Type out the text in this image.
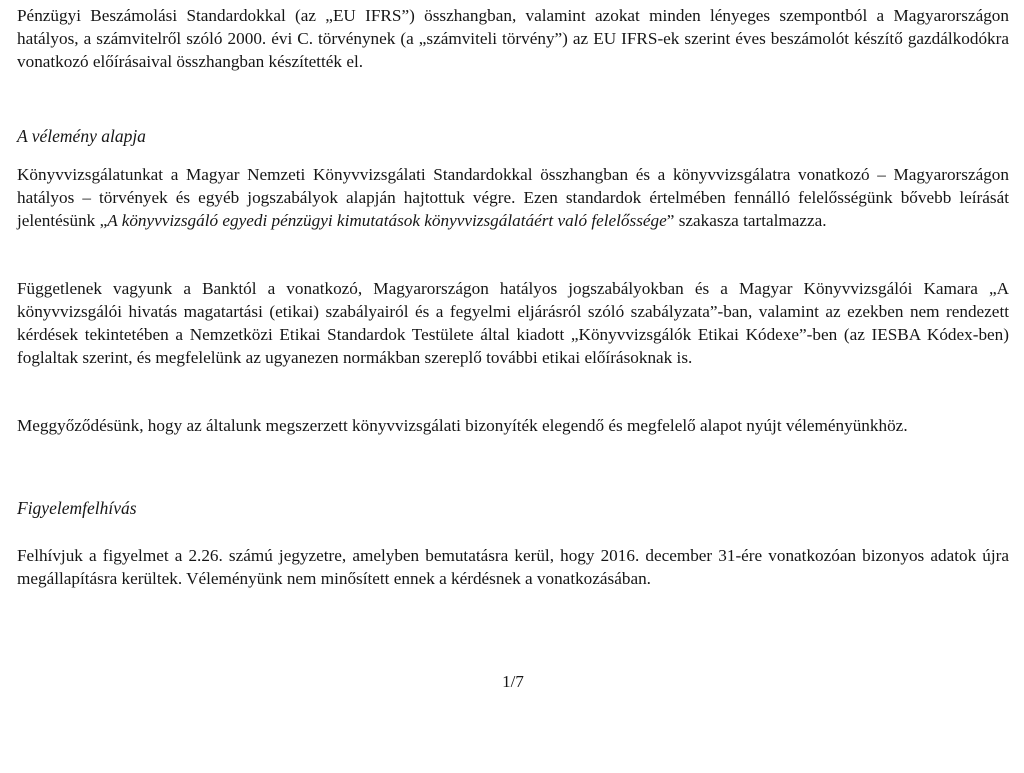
Pénzügyi Beszámolási Standardokkal (az „EU IFRS”) összhangban, valamint azokat minden lényeges szempontból a Magyarországon hatályos, a számvitelről szóló 2000. évi C. törvénynek (a „számviteli törvény”) az EU IFRS-ek szerint éves beszámolót készítő gazdálkodókra vonatkozó előírásaival összhangban készítették el.

A vélemény alapja

Könyvvizsgálatunkat a Magyar Nemzeti Könyvvizsgálati Standardokkal összhangban és a könyvvizsgálatra vonatkozó – Magyarországon hatályos – törvények és egyéb jogszabályok alapján hajtottuk végre. Ezen standardok értelmében fennálló felelősségünk bővebb leírását jelentésünk „A könyvvizsgáló egyedi pénzügyi kimutatások könyvvizsgálatáért való felelőssége” szakasza tartalmazza.

Függetlenek vagyunk a Banktól a vonatkozó, Magyarországon hatályos jogszabályokban és a Magyar Könyvvizsgálói Kamara „A könyvvizsgálói hivatás magatartási (etikai) szabályairól és a fegyelmi eljárásról szóló szabályzata”-ban, valamint az ezekben nem rendezett kérdések tekintetében a Nemzetközi Etikai Standardok Testülete által kiadott „Könyvvizsgálók Etikai Kódexe”-ben (az IESBA Kódex-ben) foglaltak szerint, és megfelelünk az ugyanezen normákban szereplő további etikai előírásoknak is.

Meggyőződésünk, hogy az általunk megszerzett könyvvizsgálati bizonyíték elegendő és megfelelő alapot nyújt véleményünkhöz.

Figyelemfelhívás

Felhívjuk a figyelmet a 2.26. számú jegyzetre, amelyben bemutatásra kerül, hogy 2016. december 31-ére vonatkozóan bizonyos adatok újra megállapításra kerültek. Véleményünk nem minősített ennek a kérdésnek a vonatkozásában.

1/7
